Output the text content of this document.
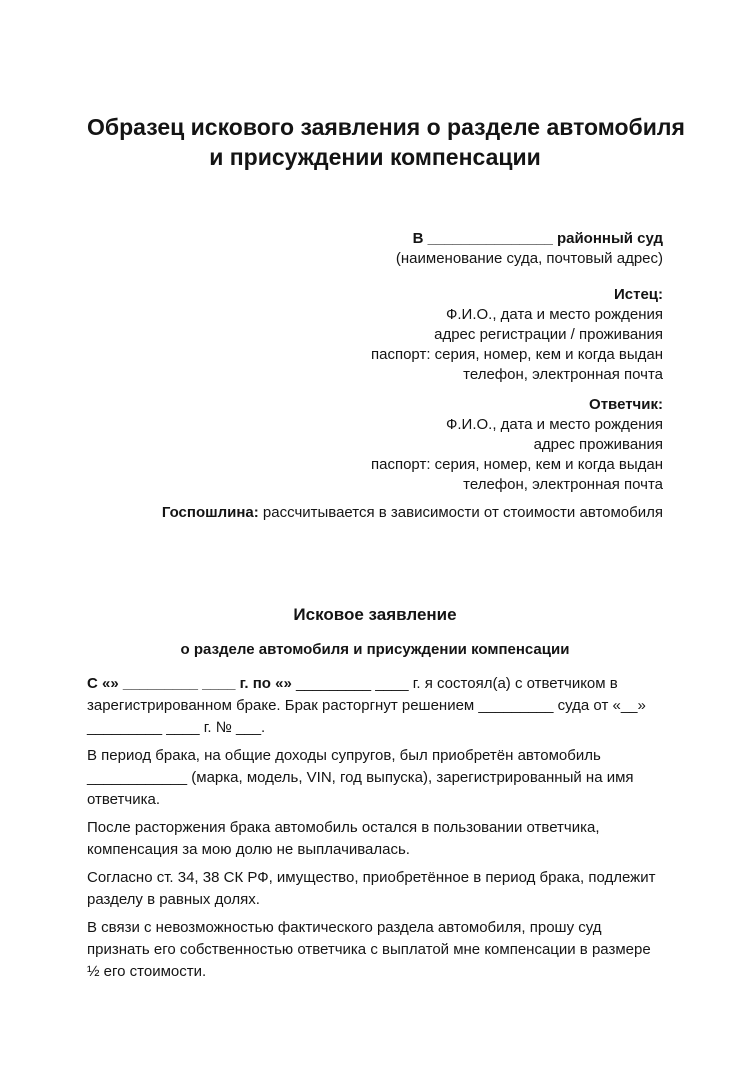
Образец искового заявления о разделе автомобиля
и присуждении компенсации
В _______________ районный суд
(наименование суда, почтовый адрес)
Истец:
Ф.И.О., дата и место рождения
адрес регистрации / проживания
паспорт: серия, номер, кем и когда выдан
телефон, электронная почта
Ответчик:
Ф.И.О., дата и место рождения
адрес проживания
паспорт: серия, номер, кем и когда выдан
телефон, электронная почта
Госпошлина: рассчитывается в зависимости от стоимости автомобиля
Исковое заявление
о разделе автомобиля и присуждении компенсации

С «» _________ ____ г. по «» _________ ____ г. я состоял(а) с ответчиком в зарегистрированном браке. Брак расторгнут решением _________ суда от «__» _________ ____ г. № ___.

В период брака, на общие доходы супругов, был приобретён автомобиль ____________ (марка, модель, VIN, год выпуска), зарегистрированный на имя ответчика.

После расторжения брака автомобиль остался в пользовании ответчика, компенсация за мою долю не выплачивалась.

Согласно ст. 34, 38 СК РФ, имущество, приобретённое в период брака, подлежит разделу в равных долях.

В связи с невозможностью фактического раздела автомобиля, прошу суд признать его собственностью ответчика с выплатой мне компенсации в размере ½ его стоимости.
